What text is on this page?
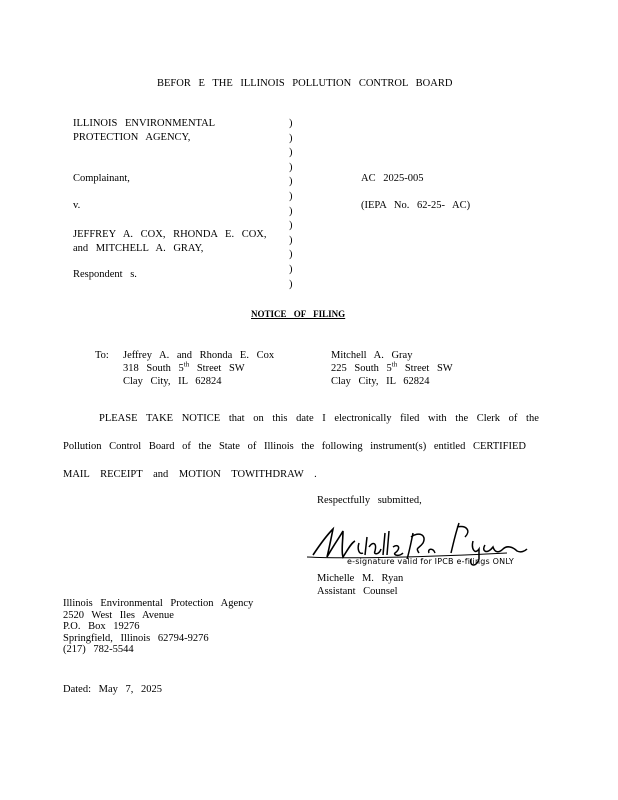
BEFOR E THE ILLINOIS POLLUTION CONTROL BOARD
ILLINOIS ENVIRONMENTAL
PROTECTION AGENCY,
Complainant,
v.
JEFFREY A. COX, RHONDA E. COX,
and MITCHELL A. GRAY,
Respondent s.
)
)
)
)
)
)
)
)
)
)
)
)
AC 2025-005
(IEPA No. 62-25- AC)
NOTICE OF FILING
To: Jeffrey A. and Rhonda E. Cox
318 South 5th Street SW
Clay City, IL 62824
Mitchell A. Gray
225 South 5th Street SW
Clay City, IL 62824
PLEASE TAKE NOTICE that on this date I electronically filed with the Clerk of the
Pollution Control Board of the State of Illinois the following instrument(s) entitled CERTIFIED
MAIL RECEIPT and MOTION TOWITHDRAW .
Respectfully submitted,
e-signature valid for IPCB e-filings ONLY
Michelle M. Ryan
Assistant Counsel
Illinois Environmental Protection Agency
2520 West Iles Avenue
P.O. Box 19276
Springfield, Illinois 62794-9276
(217) 782-5544
Dated: May 7, 2025
